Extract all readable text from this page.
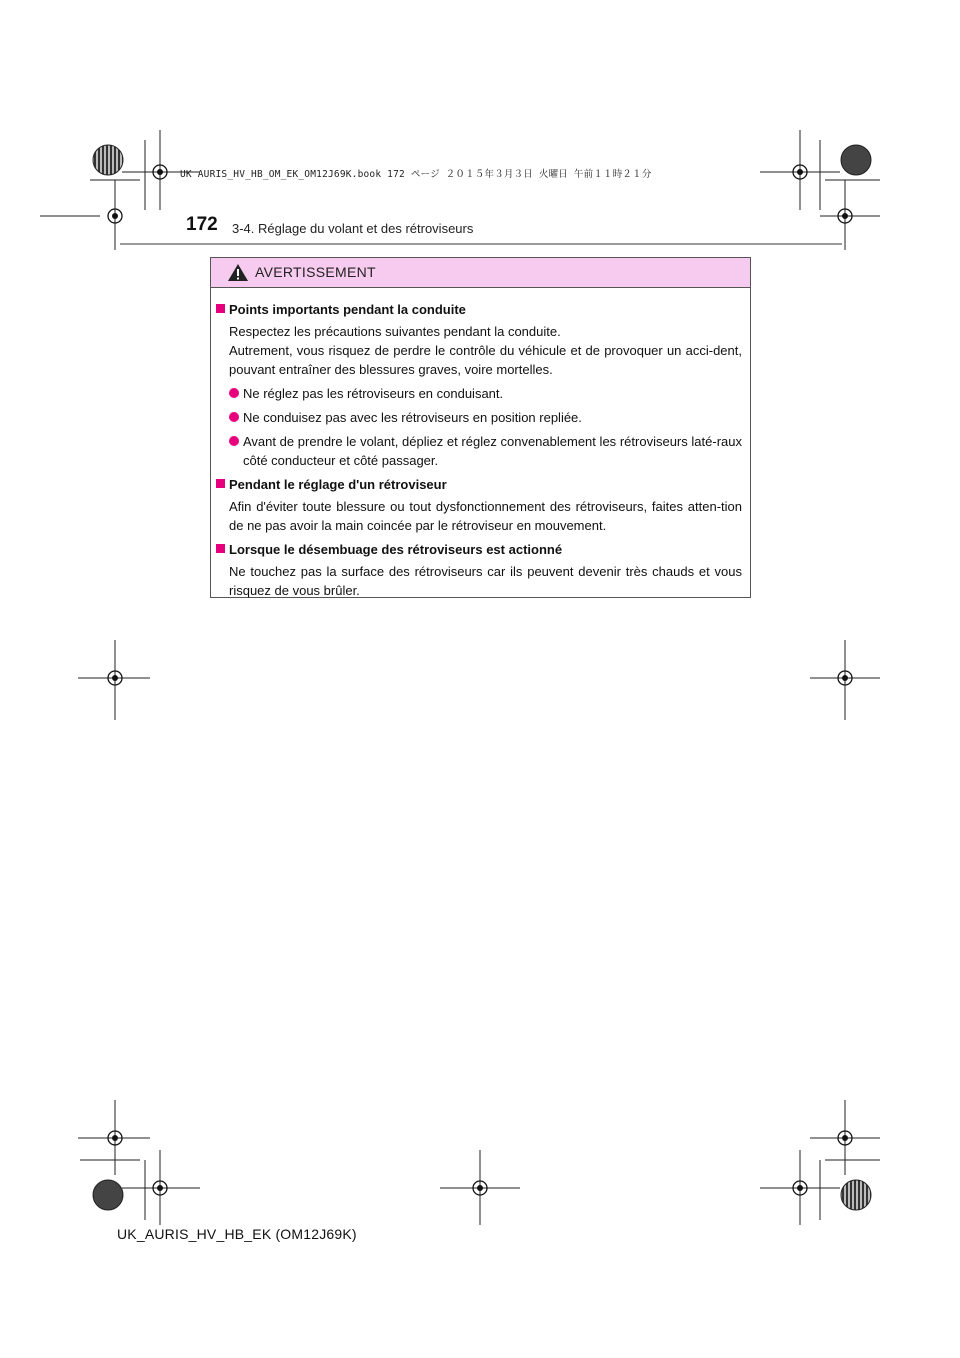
UK AURIS_HV_HB_OM_EK_OM12J69K.book 172 ページ ２０１５年３月３日 火曜日 午前１１時２１分

172 3-4. Réglage du volant et des rétroviseurs
AVERTISSEMENT

Points importants pendant la conduite

Respectez les précautions suivantes pendant la conduite.
Autrement, vous risquez de perdre le contrôle du véhicule et de provoquer un acci-dent, pouvant entraîner des blessures graves, voire mortelles.

Ne réglez pas les rétroviseurs en conduisant.

Ne conduisez pas avec les rétroviseurs en position repliée.

Avant de prendre le volant, dépliez et réglez convenablement les rétroviseurs laté-raux côté conducteur et côté passager.

Pendant le réglage d'un rétroviseur

Afin d'éviter toute blessure ou tout dysfonctionnement des rétroviseurs, faites atten-tion de ne pas avoir la main coincée par le rétroviseur en mouvement.

Lorsque le désembuage des rétroviseurs est actionné

Ne touchez pas la surface des rétroviseurs car ils peuvent devenir très chauds et vous risquez de vous brûler.

UK_AURIS_HV_HB_EK (OM12J69K)
